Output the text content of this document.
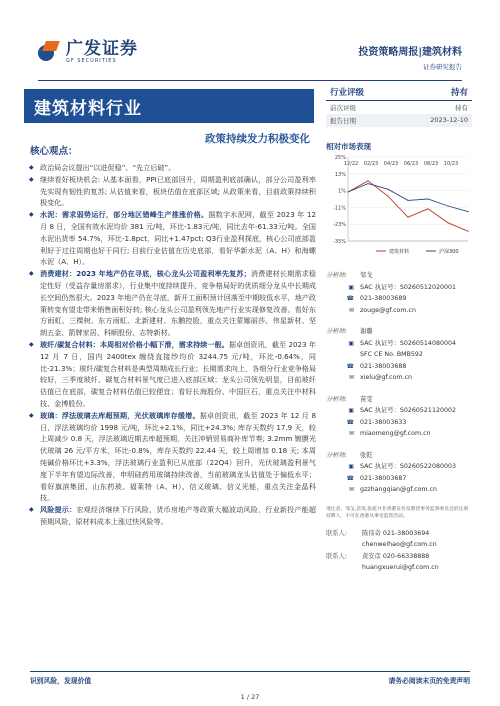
广发证券
GF SECURITIES
投资策略周报|建筑材料
证券研究报告
建筑材料行业
政策持续发力积极变化
行业评级	持有
前次评级	持有
报告日期	2023-12-10
核心观点：
◆ 政治局会议提出“以进促稳”、“先立后破”。
◆ 继续看好板块机会: 从基本面看，PPI已底部回升，周期盈利底部确认，部分公司盈利率先实现有韧性的复苏; 从估值来看，板块估值在底部区域; 从政策来看，目前政策持续积极变化。
◆ 水泥：需求弱势运行，部分地区错峰生产推涨价格。据数字水泥网，截至 2023 年 12 月 8 日，全国有效水泥均价 381 元/吨，环比-1.83元/吨，同比去年-61.33元/吨。全国水泥出货率 54.7%，环比-1.8pct，同比+1.47pct; Q3行业盈利探底，核心公司底部盈利好于过往周期也好于同行; 目前行业估值在历史底部，看好华新水泥（A、H）和海螺水泥（A、H）。
◆ 消费建材：2023 年地产仍在寻底，核心龙头公司盈利率先复苏；消费建材长期需求稳定性好（受益存量房需求），行业集中度持续提升，竞争格局好的优质细分龙头中长期成长空间仍然很大。2023 年地产仍在寻底，新开工面积预计回落至中期较低水平，地产政策转变有望走带来销售面积好转; 核心龙头公司盈利领先地产行业实现修复改善。看好东方雨虹、三棵树、东方雨虹、北新建材、东鹏控股，重点关注蒙娜丽莎、伟星新材、坚朗五金、箭牌家居、科顺股份、志特新材。
◆ 玻纤/碳复合材料：本周相对价格小幅下滑，需求持续一般。据卓创资讯，截至 2023 年 12 月 7 日，国内 2400tex 缠绕直接纱均价 3244.75 元/吨，环比-0.64%，同比-21.3%；玻纤/碳复合材料是典型周期成长行业；长期需求向上，各细分行业竞争格局较好，三季度玻纤、碳复合材料景气度已进入底部区域；龙头公司领先明显，目前玻纤估值已在底部，碳复合材料估值已较便宜；看好长海股份、中国巨石，重点关注中材科技、金博股份。
◆ 玻璃：浮法玻璃去库超预期，光伏玻璃库存缓增。据卓创资讯，截至 2023 年 12 月 8 日，浮法玻璃均价 1998 元/吨，环比+2.1%，同比+24.3%; 库存天数约 17.9 天，较上周减少 0.8 天，浮法玻璃近期去库超预期，关注冲销贸易商补库节奏; 3.2mm 镀膜光伏玻璃 26 元/平方米，环比-0.8%，库存天数约 22.44 天，较上周增加 0.18 天; 本周纯碱价格环比+3.3%，浮法玻璃行业盈利已从底部（22Q4）回升，光伏玻璃盈利景气度下半年有望边际改善，申明硅药用玻璃持续改善，当前玻璃龙头估值处于偏低水平；看好旗滨集团、山东药玻、福莱特（A、H）、信义玻璃、信义光能，重点关注金晶科技。
◆ 风险提示：宏观经济继续下行风险，货币房地产等政策大幅波动风险，行业新投产能超预期风险，原材料成本上涨过快风险等。
相对市场表现
25%
13%
1%
-11%
-23%
-35%
12/22 02/23 04/23 06/23 08/23 10/23
建筑材料	沪深300
分析师:	邹戈
▣ SAC 执证号：S0260512020001
☎ 021-38003689
✉ zouge@gf.com.cn
分析师:	谢璐
▣ SAC 执证号：S0260514080004
SFC CE No. BMB592
☎ 021-38003688
✉ xielu@gf.com.cn
分析师:	苗雯
▣ SAC 执证号：S0260521120002
☎ 021-38003633
✉ miaomeng@gf.com.cn
分析师:	张乾
▣ SAC 执证号：S0260522080003
☎ 021-38003687
✉ gzzhangqian@gf.com.cn
请注意，邹戈,苗雯,张乾并非香港证券及期货事务监察委员会的注册持牌人，不可在香港从事受监管活动。
联系人:	陈伟奇 021-38003694
chenweihao@gf.com.cn
联系人:	黄安彦 020-66338888
huangxuerui@gf.com.cn
识别风险，发现价值	请务必阅读末页的免责声明
1 / 27
